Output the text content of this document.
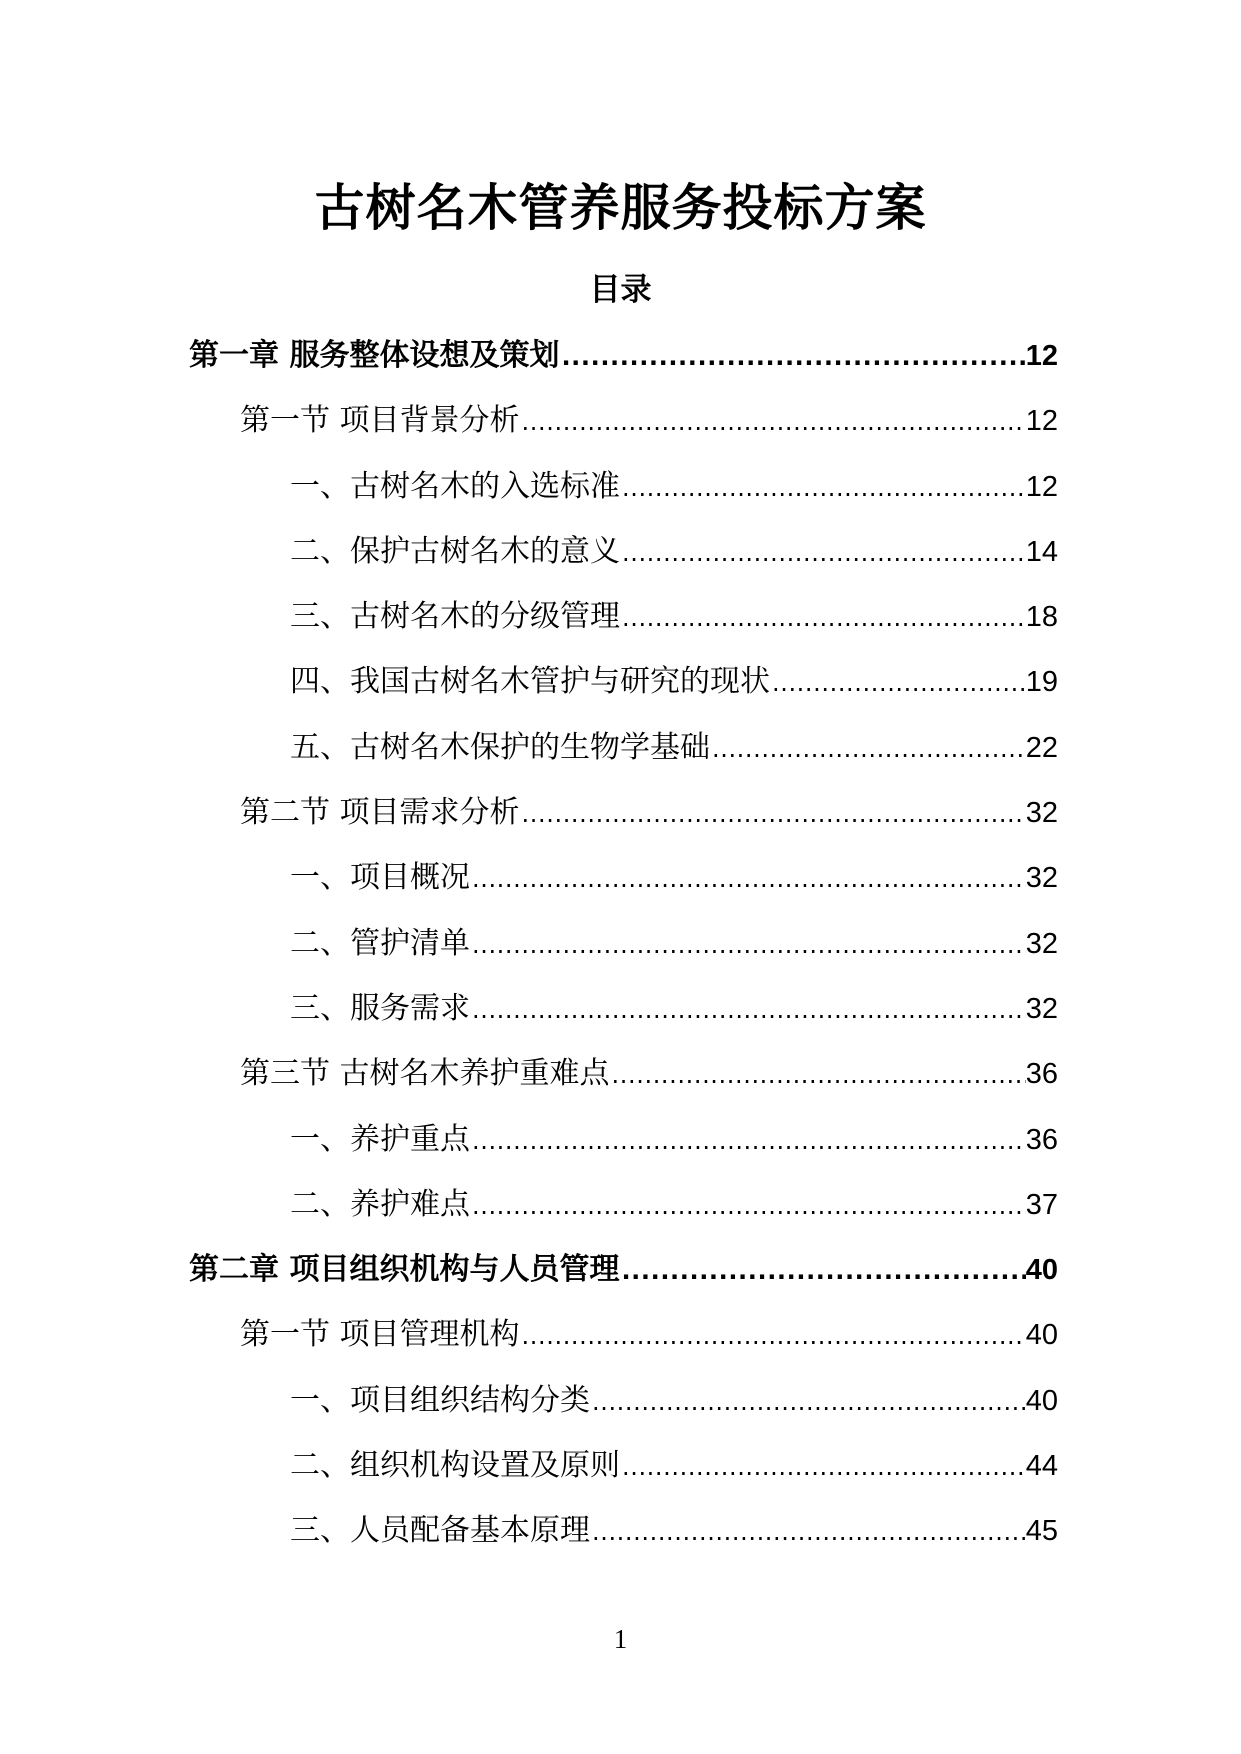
古树名木管养服务投标方案
目录
第一章 服务整体设想及策划 .....	12
第一节 项目背景分析 .....	12
一、古树名木的入选标准 .....	12
二、保护古树名木的意义 .....	14
三、古树名木的分级管理 .....	18
四、我国古树名木管护与研究的现状 .....	19
五、古树名木保护的生物学基础 .....	22
第二节 项目需求分析 .....	32
一、项目概况 .....	32
二、管护清单 .....	32
三、服务需求 .....	32
第三节 古树名木养护重难点 .....	36
一、养护重点 .....	36
二、养护难点 .....	37
第二章 项目组织机构与人员管理 .....	40
第一节 项目管理机构 .....	40
一、项目组织结构分类 .....	40
二、组织机构设置及原则 .....	44
三、人员配备基本原理 .....	45
1
